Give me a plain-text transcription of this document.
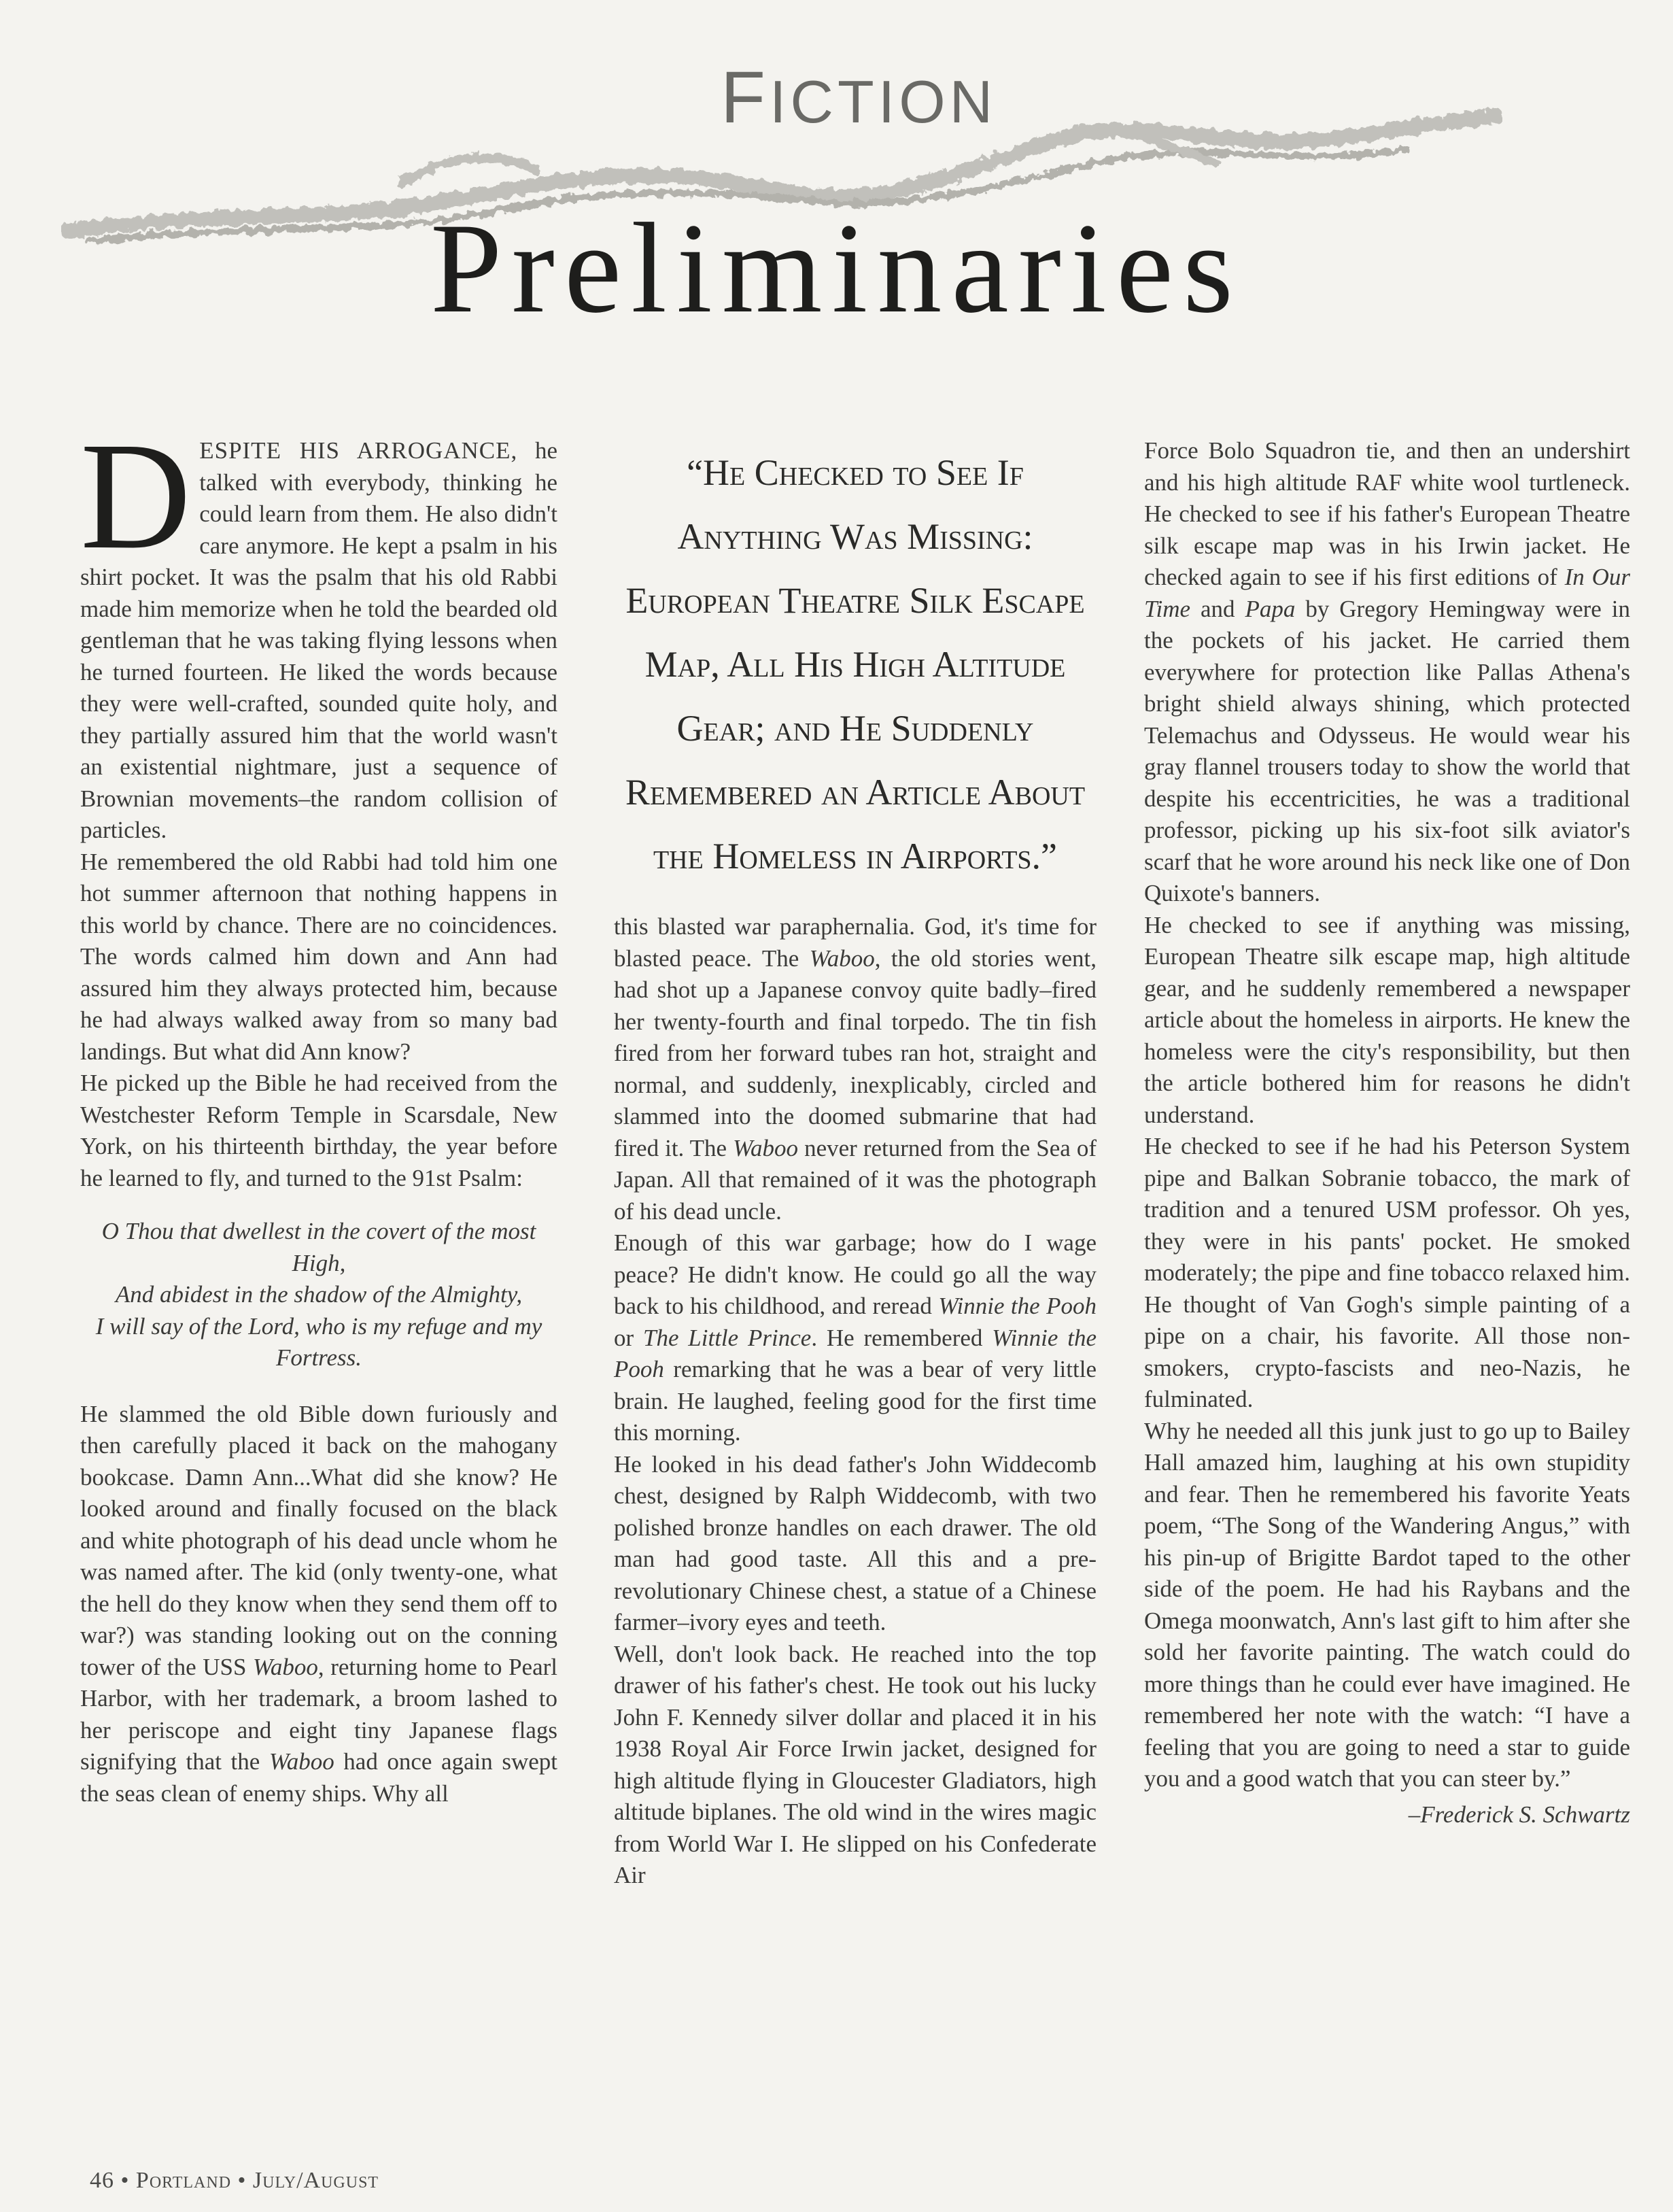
FICTION
Preliminaries

DESPITE HIS ARROGANCE, he talked with everybody, thinking he could learn from them. He also didn't care anymore. He kept a psalm in his shirt pocket. It was the psalm that his old Rabbi made him memorize when he told the bearded old gentleman that he was taking flying lessons when he turned fourteen. He liked the words because they were well-crafted, sounded quite holy, and they partially assured him that the world wasn't an existential nightmare, just a sequence of Brownian movements–the random collision of particles.

He remembered the old Rabbi had told him one hot summer afternoon that nothing happens in this world by chance. There are no coincidences. The words calmed him down and Ann had assured him they always protected him, because he had always walked away from so many bad landings. But what did Ann know?

He picked up the Bible he had received from the Westchester Reform Temple in Scarsdale, New York, on his thirteenth birthday, the year before he learned to fly, and turned to the 91st Psalm:

O Thou that dwellest in the covert of the most High,
And abidest in the shadow of the Almighty,
I will say of the Lord, who is my refuge and my Fortress.

He slammed the old Bible down furiously and then carefully placed it back on the mahogany bookcase. Damn Ann...What did she know? He looked around and finally focused on the black and white photograph of his dead uncle whom he was named after. The kid (only twenty-one, what the hell do they know when they send them off to war?) was standing looking out on the conning tower of the USS Waboo, returning home to Pearl Harbor, with her trademark, a broom lashed to her periscope and eight tiny Japanese flags signifying that the Waboo had once again swept the seas clean of enemy ships. Why all

“He Checked to See If Anything Was Missing: European Theatre Silk Escape Map, All His High Altitude Gear; and He Suddenly Remembered an Article About the Homeless in Airports.”

this blasted war paraphernalia. God, it's time for blasted peace. The Waboo, the old stories went, had shot up a Japanese convoy quite badly–fired her twenty-fourth and final torpedo. The tin fish fired from her forward tubes ran hot, straight and normal, and suddenly, inexplicably, circled and slammed into the doomed submarine that had fired it. The Waboo never returned from the Sea of Japan. All that remained of it was the photograph of his dead uncle.

Enough of this war garbage; how do I wage peace? He didn't know. He could go all the way back to his childhood, and reread Winnie the Pooh or The Little Prince. He remembered Winnie the Pooh remarking that he was a bear of very little brain. He laughed, feeling good for the first time this morning.

He looked in his dead father's John Widdecomb chest, designed by Ralph Widdecomb, with two polished bronze handles on each drawer. The old man had good taste. All this and a pre-revolutionary Chinese chest, a statue of a Chinese farmer–ivory eyes and teeth.

Well, don't look back. He reached into the top drawer of his father's chest. He took out his lucky John F. Kennedy silver dollar and placed it in his 1938 Royal Air Force Irwin jacket, designed for high altitude flying in Gloucester Gladiators, high altitude biplanes. The old wind in the wires magic from World War I. He slipped on his Confederate Air

Force Bolo Squadron tie, and then an undershirt and his high altitude RAF white wool turtleneck. He checked to see if his father's European Theatre silk escape map was in his Irwin jacket. He checked again to see if his first editions of In Our Time and Papa by Gregory Hemingway were in the pockets of his jacket. He carried them everywhere for protection like Pallas Athena's bright shield always shining, which protected Telemachus and Odysseus. He would wear his gray flannel trousers today to show the world that despite his eccentricities, he was a traditional professor, picking up his six-foot silk aviator's scarf that he wore around his neck like one of Don Quixote's banners.

He checked to see if anything was missing, European Theatre silk escape map, high altitude gear, and he suddenly remembered a newspaper article about the homeless in airports. He knew the homeless were the city's responsibility, but then the article bothered him for reasons he didn't understand.

He checked to see if he had his Peterson System pipe and Balkan Sobranie tobacco, the mark of tradition and a tenured USM professor. Oh yes, they were in his pants' pocket. He smoked moderately; the pipe and fine tobacco relaxed him. He thought of Van Gogh's simple painting of a pipe on a chair, his favorite. All those non-smokers, crypto-fascists and neo-Nazis, he fulminated.

Why he needed all this junk just to go up to Bailey Hall amazed him, laughing at his own stupidity and fear. Then he remembered his favorite Yeats poem, “The Song of the Wandering Angus,” with his pin-up of Brigitte Bardot taped to the other side of the poem. He had his Raybans and the Omega moonwatch, Ann's last gift to him after she sold her favorite painting. The watch could do more things than he could ever have imagined. He remembered her note with the watch: “I have a feeling that you are going to need a star to guide you and a good watch that you can steer by.”

–Frederick S. Schwartz

46 • Portland • July/August
